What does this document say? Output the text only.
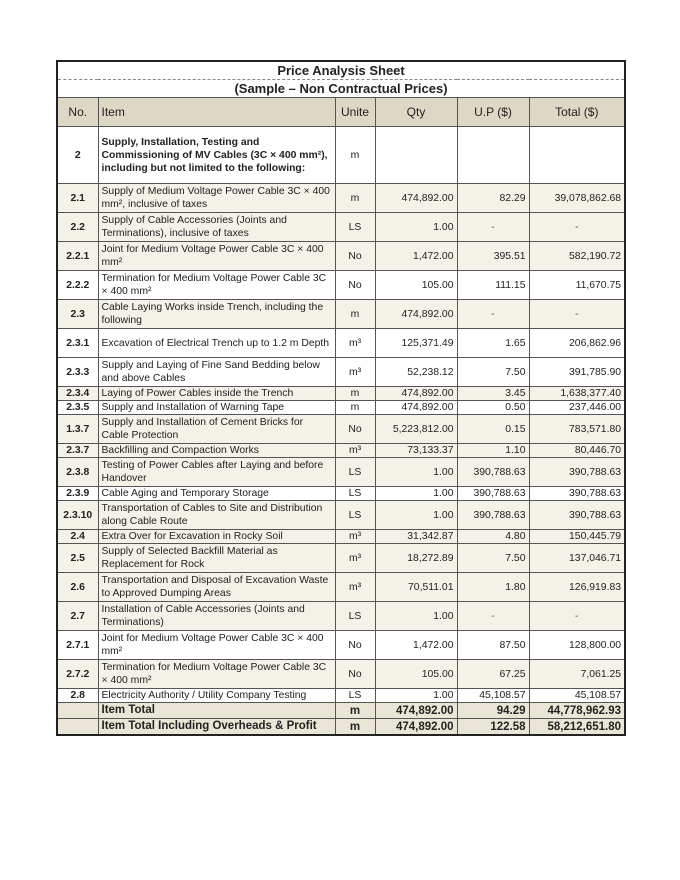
Price Analysis Sheet					
(Sample – Non Contractual Prices)					
No.	Item	Unite	Qty	U.P ($)	Total ($)
2	Supply, Installation, Testing and Commissioning of MV Cables (3C × 400 mm²), including but not limited to the following:	m			
2.1	Supply of Medium Voltage Power Cable 3C × 400 mm², inclusive of taxes	m	474,892.00	82.29	39,078,862.68
2.2	Supply of Cable Accessories (Joints and Terminations), inclusive of taxes	LS	1.00	-	-
2.2.1	Joint for Medium Voltage Power Cable 3C × 400 mm²	No	1,472.00	395.51	582,190.72
2.2.2	Termination for Medium Voltage Power Cable 3C × 400 mm²	No	105.00	111.15	11,670.75
2.3	Cable Laying Works inside Trench, including the following	m	474,892.00	-	-
2.3.1	Excavation of Electrical Trench up to 1.2 m Depth	m³	125,371.49	1.65	206,862.96
2.3.3	Supply and Laying of Fine Sand Bedding below and above Cables	m³	52,238.12	7.50	391,785.90
2.3.4	Laying of Power Cables inside the Trench	m	474,892.00	3.45	1,638,377.40
2.3.5	Supply and Installation of Warning Tape	m	474,892.00	0.50	237,446.00
1.3.7	Supply and Installation of Cement Bricks for Cable Protection	No	5,223,812.00	0.15	783,571.80
2.3.7	Backfilling and Compaction Works	m³	73,133.37	1.10	80,446.70
2.3.8	Testing of Power Cables after Laying and before Handover	LS	1.00	390,788.63	390,788.63
2.3.9	Cable Aging and Temporary Storage	LS	1.00	390,788.63	390,788.63
2.3.10	Transportation of Cables to Site and Distribution along Cable Route	LS	1.00	390,788.63	390,788.63
2.4	Extra Over for Excavation in Rocky Soil	m³	31,342.87	4.80	150,445.79
2.5	Supply of Selected Backfill Material as Replacement for Rock	m³	18,272.89	7.50	137,046.71
2.6	Transportation and Disposal of Excavation Waste to Approved Dumping Areas	m³	70,511.01	1.80	126,919.83
2.7	Installation of Cable Accessories (Joints and Terminations)	LS	1.00	-	-
2.7.1	Joint for Medium Voltage Power Cable 3C × 400 mm²	No	1,472.00	87.50	128,800.00
2.7.2	Termination for Medium Voltage Power Cable 3C × 400 mm²	No	105.00	67.25	7,061.25
2.8	Electricity Authority / Utility Company Testing	LS	1.00	45,108.57	45,108.57
	Item Total	m	474,892.00	94.29	44,778,962.93
	Item Total Including Overheads & Profit	m	474,892.00	122.58	58,212,651.80
